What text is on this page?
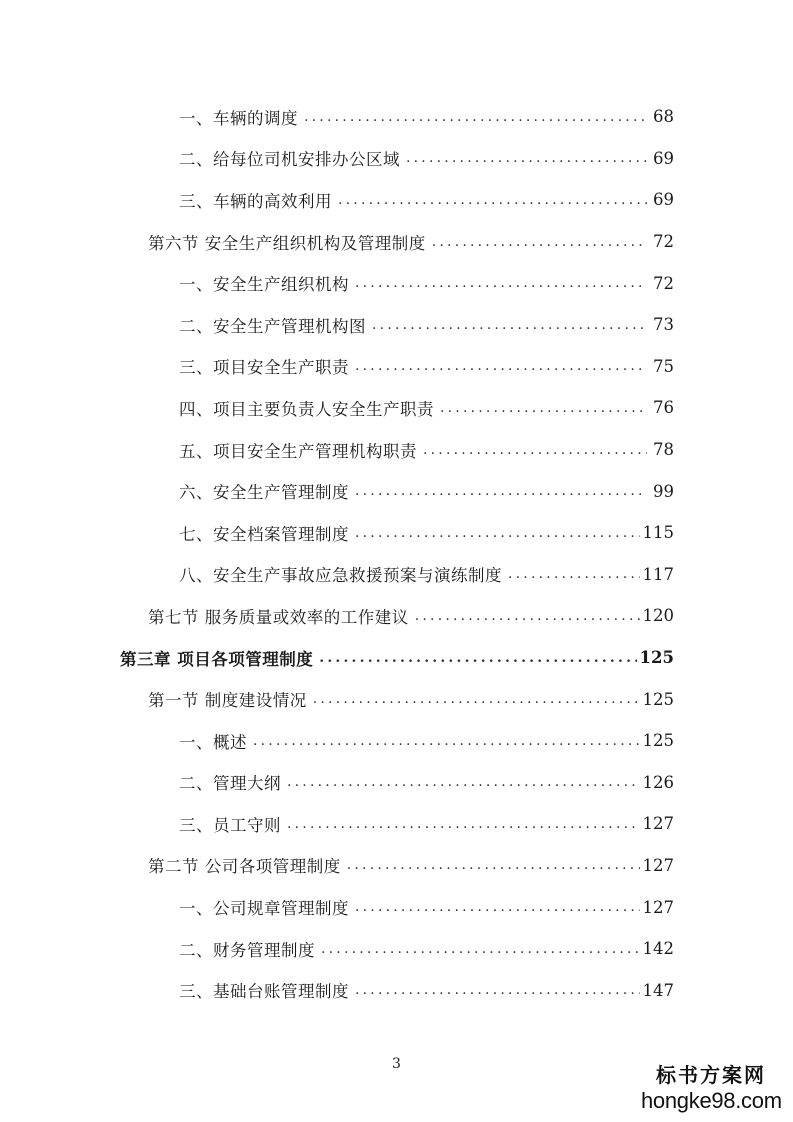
一、车辆的调度 .....	68
二、给每位司机安排办公区域 .....	69
三、车辆的高效利用 .....	69
第六节 安全生产组织机构及管理制度 .....	72
一、安全生产组织机构 .....	72
二、安全生产管理机构图 .....	73
三、项目安全生产职责 .....	75
四、项目主要负责人安全生产职责 .....	76
五、项目安全生产管理机构职责 .....	78
六、安全生产管理制度 .....	99
七、安全档案管理制度 .....	115
八、安全生产事故应急救援预案与演练制度 .....	117
第七节 服务质量或效率的工作建议 .....	120
第三章 项目各项管理制度 .....	125
第一节 制度建设情况 .....	125
一、概述 .....	125
二、管理大纲 .....	126
三、员工守则 .....	127
第二节 公司各项管理制度 .....	127
一、公司规章管理制度 .....	127
二、财务管理制度 .....	142
三、基础台账管理制度 .....	147
3
标书方案网
hongke98.com
